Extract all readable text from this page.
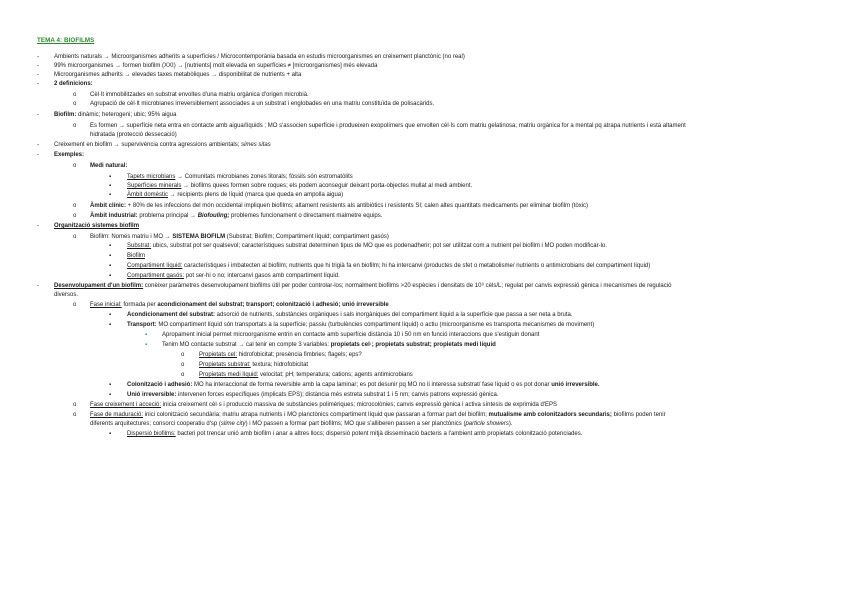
TEMA 4: BIOFILMS
-	Ambients naturals → Microorganismes adherits a superfícies / Microcontemporània basada en estudis microorganismes en creixement planctònic (no real)
-	99% microorganismes → formen biofilm (XXI) → [nutrients] molt elevada en superfícies ≠ [microorganismes] més elevada
-	Microorganismes adherits → elevades taxes metabòliques → disponibilitat de nutrients + alta
-	2 definicions:
o Cèl·lt immobilitzades en substrat envoltes d'una matriu orgànica d'origen microbià.
o Agrupació de cèl·lt microbianes irreversiblement associades a un substrat i englobades en una matriu constituïda de polisacàrids.
-	Biofilm: dinàmic; heterogeni; ubic; 95% aigua
o Es formen → superfície neta entra en contacte amb aigua/líquids ; MO s'associen superfície i produeixen exopolímers que envolten cèl·ls com matriu gelatinosa; matriu orgànica for a mental pq atrapa nutrients i està altament
hidratada (protecció dessecació)
-	Creixement en biofilm → supervivència contra agressions ambientals; simes sitas
-	Exemples:
o Medi natural:
▪	Tapets microbians → Comunitats microbianes zones litorals; fòssils són estromatòlits
▪	Superfícies minerals → biofilms quees formen sobre roques; els podem aconseguir deixant porta-objectes mullat al medi ambient.
▪	Àmbit domèstic → recipients plens de líquid (marca que queda en ampolla aigua)
o Àmbit clínic: + 80% de les infeccions del món occidental impliquen biofilms; altament resistents als antibiòtics i resistents SI; calen altes quantitats medicaments per eliminar biofilm (tòxic)
o Àmbit industrial: problema principal → Biofouling; problemes funcionament o directament malmetre equips.
-	Organització sistemes biofilm
o Biofilm: Només matriu i MO → SISTEMA BIOFILM (Substrat; Biofilm; Compartiment líquid; compartiment gasós)
▪	Substrat: ubics, substrat pot ser qualsevol; característiques substrat determinen tipus de MO que es podenadherir; pot ser utilitzat com a nutrient pel biofilm i MO poden modificar-lo.
▪	Biofilm
▪	Compartiment líquid: característiques i imbatecten al biofilm; nutrients que hi trigià fa en biofilm; hi ha intercanvi (productes de sfet o metabolisme/ nutrients o antimicrobians del compartiment líquid)
▪	Compartiment gasós: pot ser-hi o no; intercanvi gasos amb compartiment líquid.
-	Desenvolupament d'un biofilm: conèixer paràmetres desenvolupament biofilms útil per poder controlar-los; normalment biofilms >20 espècies i densitats de 10⁹ cèls/L; regulat per canvis expressió gènica i mecanismes de regulació
diversos.
o Fase inicial: formada per acondicionament del substrat; transport; colonització i adhesió; unió irreversible
▪	Acondicionament del substrat: adsorció de nutrients, substàncies orgàniques i sals inorgàniques del compartiment líquid a la superfície que passa a ser neta a bruta.
▪	Transport: MO compartiment líquid són transportats a la superfície; passiu (turbulències compartiment líquid) o actiu (microorganisme es transporta mecanismes de moviment)
▪ Apropament inicial permet microorganisme entrin en contacte amb superfície distància 10 i 50 nm en funció interaccions que s'estiguin donant
▪ Tenim MO contacte substrat → cal tenir en compte 3 variables: propietats cel·; propietats substrat; propietats medi líquid
o Propietats cel: hidrofobicitat; presència fimbries; flagels; eps?
o Propietats substrat: textura; hidrofobicitat
o Propietats medi líquid: velocitat; pH; temperatura; cations; agents antimicrobians
▪	Colonització i adhesió: MO ha interaccionat de forma reversible amb la capa laminar; es pot desunir pq MO no li interessa substrat/ fase líquid o es pot donar unió irreversible.
▪	Unió irreversible: intervenen forces específiques (implicats EPS); distància més estreta substrat 1 i 5 nm; canvis patrons expressió gènica.
o Fase creixement i acceció: inicia creixement cèl·s i producció massiva de substàncies polimèriques; microcolònies; canvis expressió gènica i activa síntesis de exprimida d'EPS
o Fase de maduració: inici colonització secundària; matriu atrapa nutrients i MO planctònics compartiment líquid que passaran a formar part del biofilm; mutualisme amb colonitzadors secundaris; biofilms poden tenir
diferents arquitectures; consorci cooperatiu d'sp (slime city) i MO passen a formar part biofilms; MO que s'alliberen passen a ser planctònics (particle showers).
▪	Dispersió biofilms: bacteri pot trencar unió amb biofilm i anar a altres llocs; dispersió potent mitjà disseminació bacteris a l'ambient amb propietats colonització potenciades.
